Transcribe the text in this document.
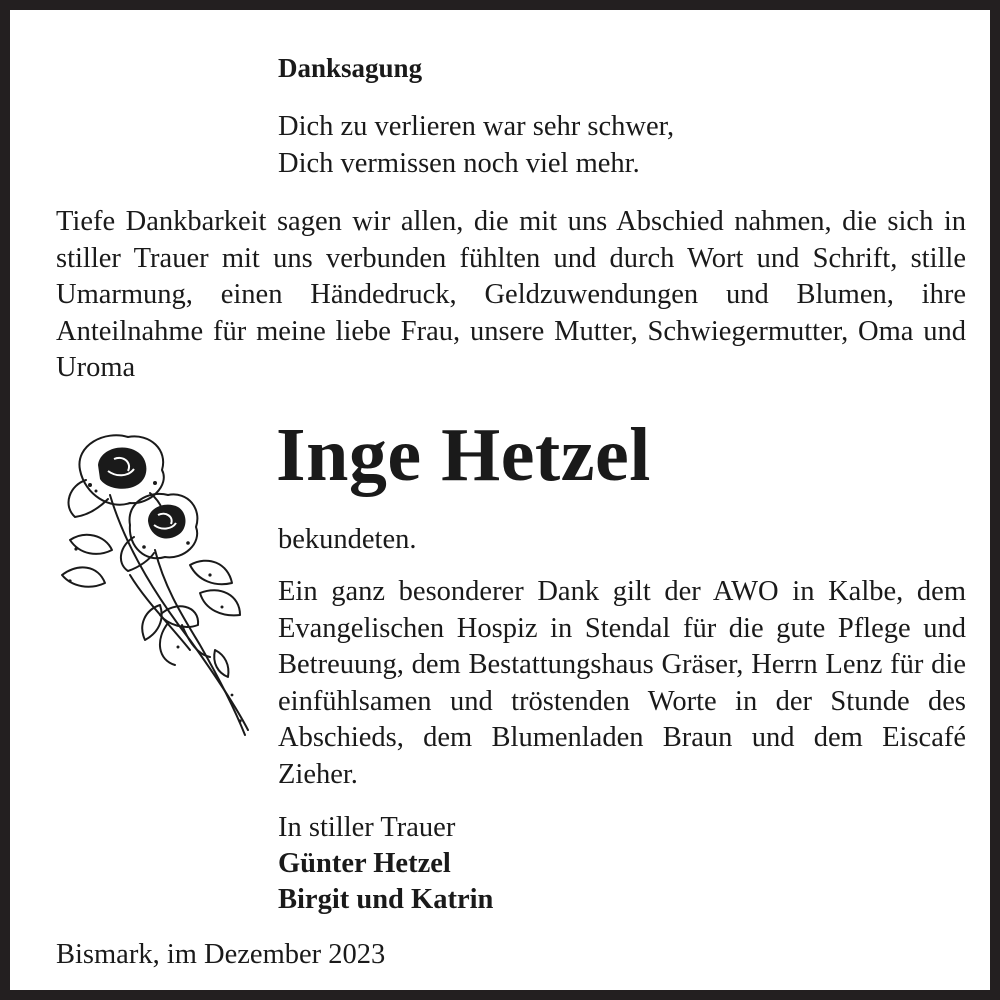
Danksagung
Dich zu verlieren war sehr schwer,
Dich vermissen noch viel mehr.

Tiefe Dankbarkeit sagen wir allen, die mit uns Abschied nahmen, die sich in stiller Trauer mit uns verbunden fühlten und durch Wort und Schrift, stille Umarmung, einen Händedruck, Geldzuwendungen und Blumen, ihre Anteilnahme für meine liebe Frau, unsere Mutter, Schwiegermutter, Oma und Uroma

Inge Hetzel
bekundeten.

Ein ganz besonderer Dank gilt der AWO in Kalbe, dem Evangelischen Hospiz in Stendal für die gute Pflege und Betreuung, dem Bestattungshaus Gräser, Herrn Lenz für die einfühlsamen und tröstenden Worte in der Stunde des Abschieds, dem Blumenladen Braun und dem Eiscafé Zieher.

In stiller Trauer
Günter Hetzel
Birgit und Katrin
Bismark, im Dezember 2023
